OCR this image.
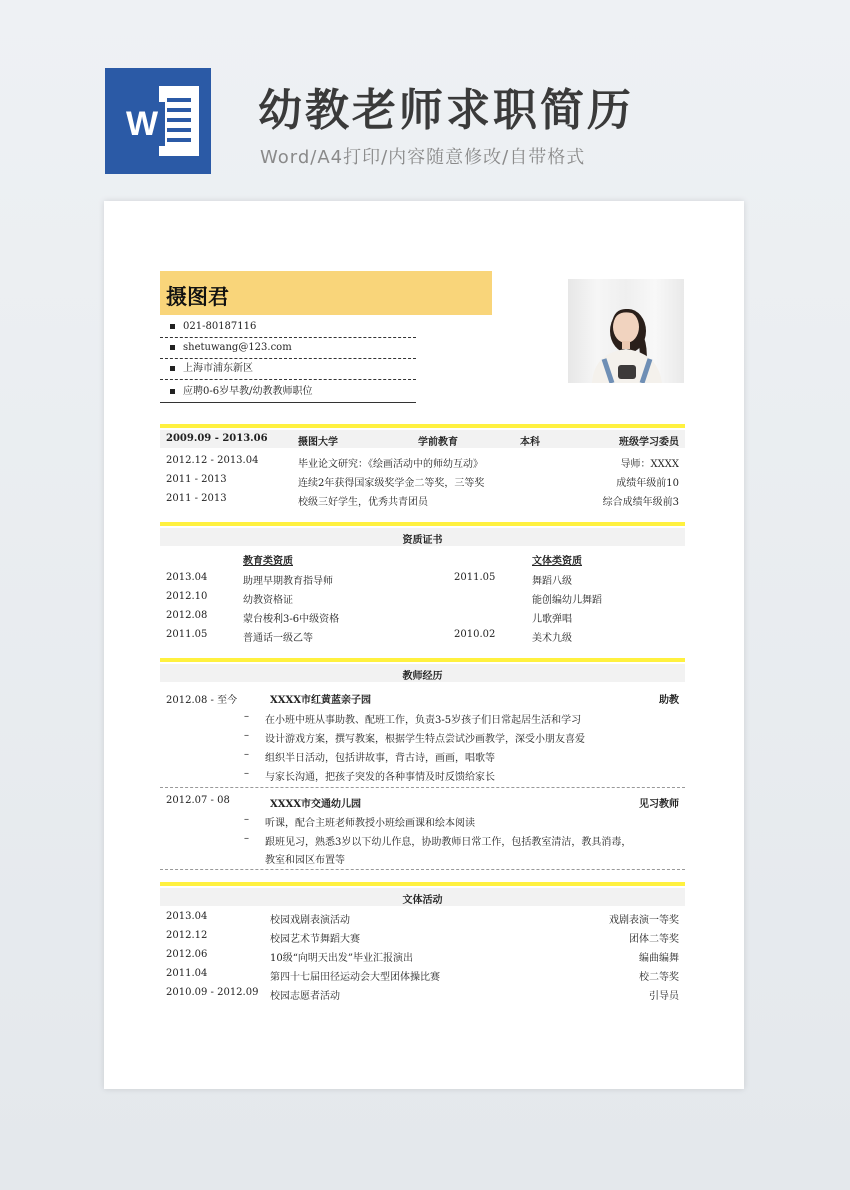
W 幼教老师求职简历
Word/A4打印/内容随意修改/自带格式
摄图君
021-80187116
shetuwang@123.com
上海市浦东新区
应聘0-6岁早教/幼教教师职位
2009.09 - 2013.06	摄图大学	学前教育	本科	班级学习委员
2012.12 - 2013.04	毕业论文研究：《绘画活动中的师幼互动》	导师：XXXX
2011 - 2013	连续2年获得国家级奖学金二等奖，三等奖	成绩年级前10
2011 - 2013	校级三好学生，优秀共青团员	综合成绩年级前3
资质证书
教育类资质	文体类资质
2013.04	助理早期教育指导师	2011.05	舞蹈八级
2012.10	幼教资格证	能创编幼儿舞蹈
2012.08	蒙台梭利3-6中级资格	儿歌弹唱
2011.05	普通话一级乙等	2010.02	美术九级
教师经历
2012.08 - 至今	XXXX市红黄蓝亲子园	助教
– 在小班中班从事助教、配班工作，负责3-5岁孩子们日常起居生活和学习
– 设计游戏方案，撰写教案，根据学生特点尝试沙画教学，深受小朋友喜爱
– 组织半日活动，包括讲故事，背古诗，画画，唱歌等
– 与家长沟通，把孩子突发的各种事情及时反馈给家长
2012.07 - 08	XXXX市交通幼儿园	见习教师
– 听课，配合主班老师教授小班绘画课和绘本阅读
– 跟班见习，熟悉3岁以下幼儿作息，协助教师日常工作，包括教室清洁，教具消毒，
教室和园区布置等
文体活动
2013.04	校园戏剧表演活动	戏剧表演一等奖
2012.12	校园艺术节舞蹈大赛	团体二等奖
2012.06	10级“向明天出发”毕业汇报演出	编曲编舞
2011.04	第四十七届田径运动会大型团体操比赛	校二等奖
2010.09 - 2012.09 校园志愿者活动	引导员
